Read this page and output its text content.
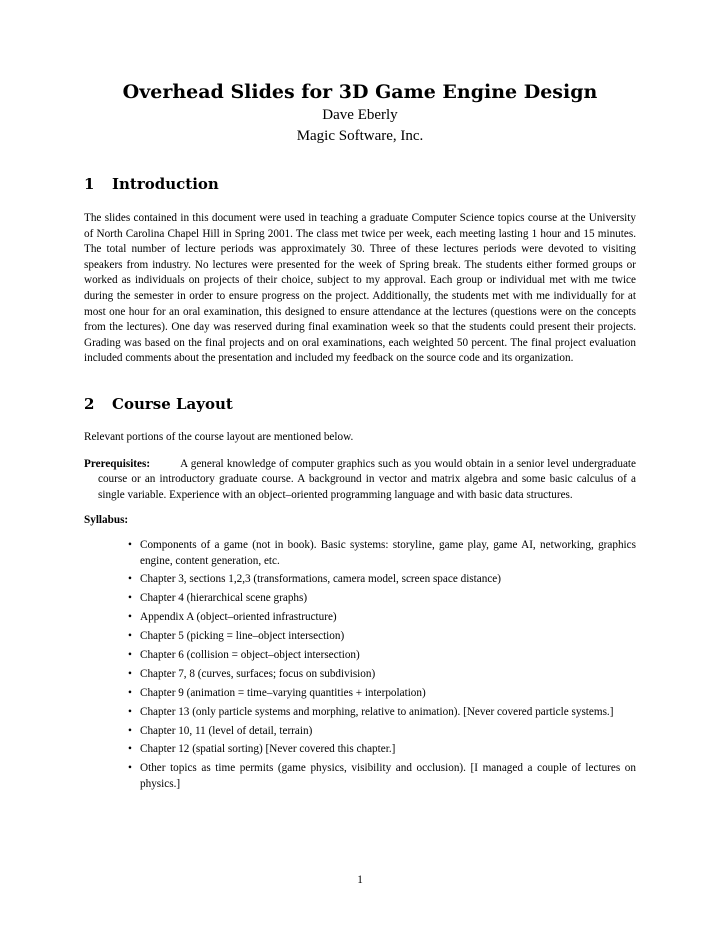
Overhead Slides for 3D Game Engine Design

Dave Eberly

Magic Software, Inc.

1 Introduction

The slides contained in this document were used in teaching a graduate Computer Science topics course at the University of North Carolina Chapel Hill in Spring 2001. The class met twice per week, each meeting lasting 1 hour and 15 minutes. The total number of lecture periods was approximately 30. Three of these lectures periods were devoted to visiting speakers from industry. No lectures were presented for the week of Spring break. The students either formed groups or worked as individuals on projects of their choice, subject to my approval. Each group or individual met with me twice during the semester in order to ensure progress on the project. Additionally, the students met with me individually for at most one hour for an oral examination, this designed to ensure attendance at the lectures (questions were on the concepts from the lectures). One day was reserved during final examination week so that the students could present their projects. Grading was based on the final projects and on oral examinations, each weighted 50 percent. The final project evaluation included comments about the presentation and included my feedback on the source code and its organization.

2 Course Layout

Relevant portions of the course layout are mentioned below.

Prerequisites:	A general knowledge of computer graphics such as you would obtain in a senior level undergraduate course or an introductory graduate course. A background in vector and matrix algebra and some basic calculus of a single variable. Experience with an object–oriented programming language and with basic data structures.

Syllabus:

• Components of a game (not in book). Basic systems: storyline, game play, game AI, networking, graphics engine, content generation, etc.
• Chapter 3, sections 1,2,3 (transformations, camera model, screen space distance)
• Chapter 4 (hierarchical scene graphs)
• Appendix A (object–oriented infrastructure)
• Chapter 5 (picking = line–object intersection)
• Chapter 6 (collision = object–object intersection)
• Chapter 7, 8 (curves, surfaces; focus on subdivision)
• Chapter 9 (animation = time–varying quantities + interpolation)
• Chapter 13 (only particle systems and morphing, relative to animation). [Never covered particle systems.]
• Chapter 10, 11 (level of detail, terrain)
• Chapter 12 (spatial sorting) [Never covered this chapter.]
• Other topics as time permits (game physics, visibility and occlusion). [I managed a couple of lectures on physics.]
1
